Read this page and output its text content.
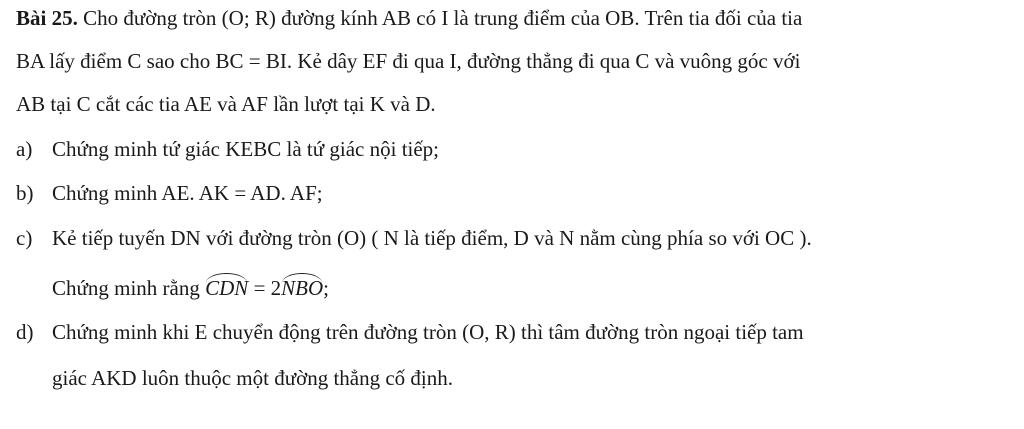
Bài 25. Cho đường tròn (O; R) đường kính AB có I là trung điểm của OB. Trên tia đối của tia
BA lấy điểm C sao cho BC = BI. Kẻ dây EF đi qua I, đường thẳng đi qua C và vuông góc với
AB tại C cắt các tia AE và AF lần lượt tại K và D.
a) Chứng minh tứ giác KEBC là tứ giác nội tiếp;
b) Chứng minh AE. AK = AD. AF;
c) Kẻ tiếp tuyến DN với đường tròn (O) ( N là tiếp điểm, D và N nằm cùng phía so với OC ).
Chứng minh rằng CDN = 2NBO;
d) Chứng minh khi E chuyển động trên đường tròn (O, R) thì tâm đường tròn ngoại tiếp tam
giác AKD luôn thuộc một đường thẳng cố định.
